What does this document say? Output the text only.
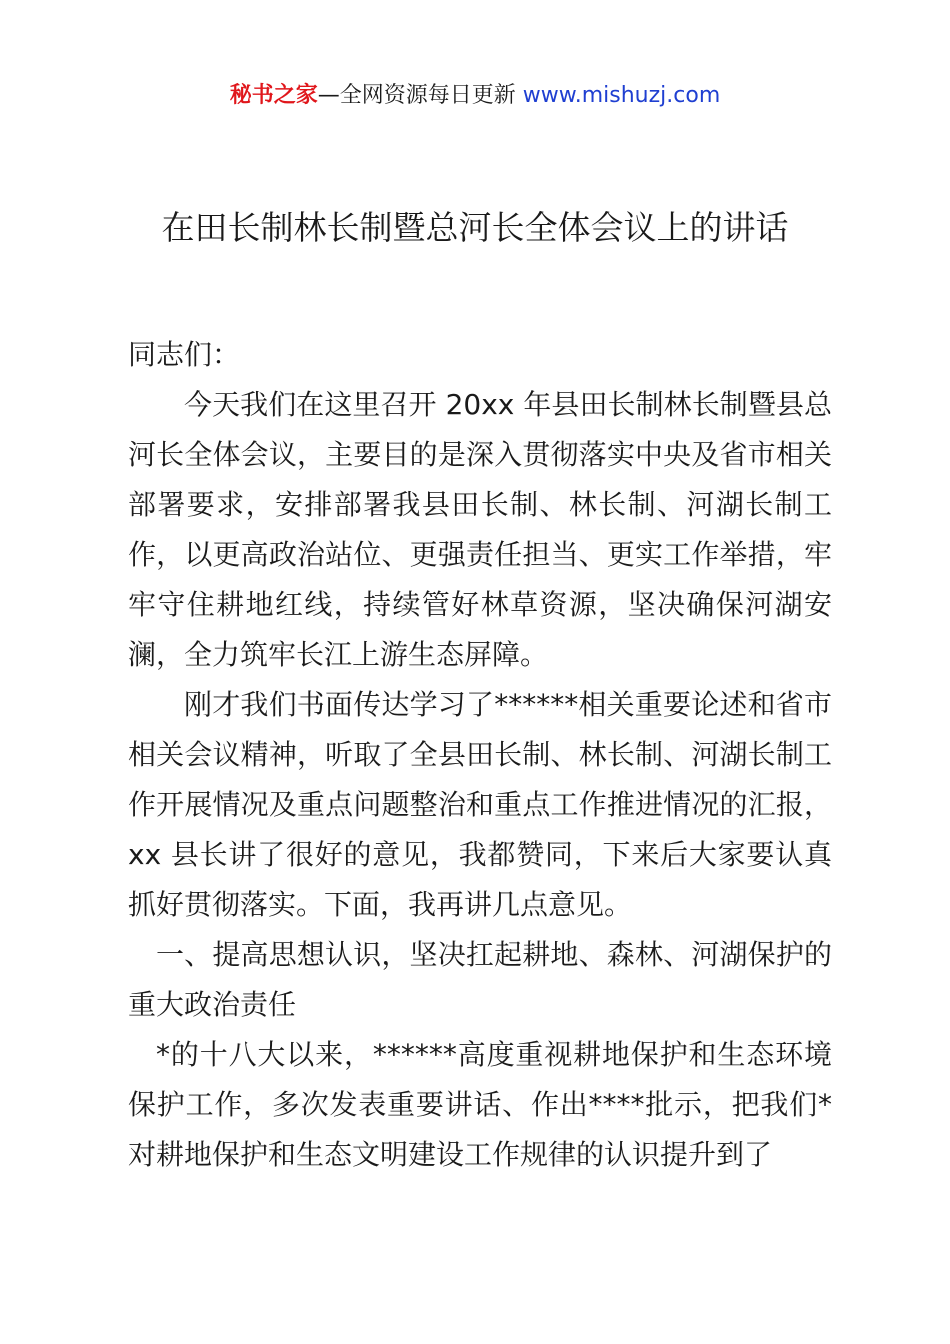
秘书之家—全网资源每日更新 www.mishuzj.com
在田长制林长制暨总河长全体会议上的讲话

同志们：

今天我们在这里召开 20xx 年县田长制林长制暨县总河长全体会议，主要目的是深入贯彻落实中央及省市相关部署要求，安排部署我县田长制、林长制、河湖长制工作，以更高政治站位、更强责任担当、更实工作举措，牢牢守住耕地红线，持续管好林草资源，坚决确保河湖安澜，全力筑牢长江上游生态屏障。

刚才我们书面传达学习了******相关重要论述和省市相关会议精神，听取了全县田长制、林长制、河湖长制工作开展情况及重点问题整治和重点工作推进情况的汇报，xx 县长讲了很好的意见，我都赞同，下来后大家要认真抓好贯彻落实。下面，我再讲几点意见。

一、提高思想认识，坚决扛起耕地、森林、河湖保护的重大政治责任

*的十八大以来，******高度重视耕地保护和生态环境保护工作，多次发表重要讲话、作出****批示，把我们*对耕地保护和生态文明建设工作规律的认识提升到了
